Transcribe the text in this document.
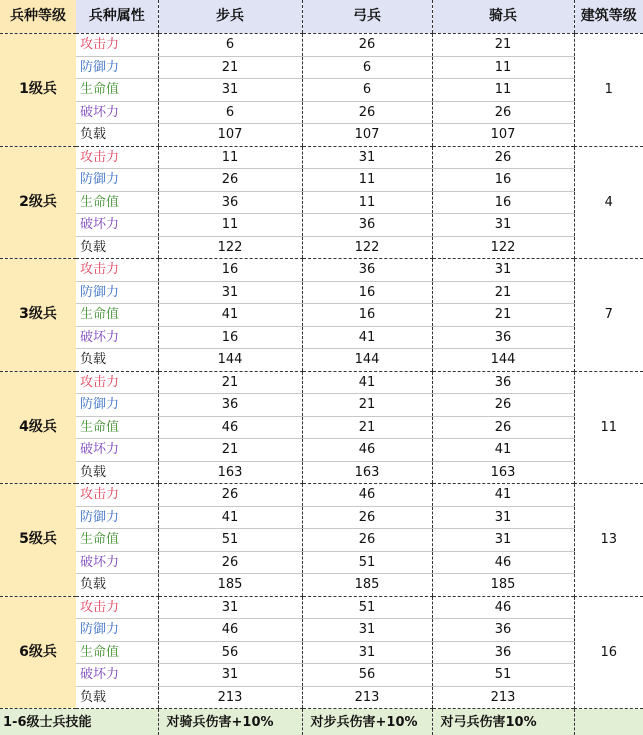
兵种等级	兵种属性	步兵	弓兵	骑兵	建筑等级
1级兵	攻击力	6	26	21	1
	防御力	21	6	11	
	生命值	31	6	11	
	破坏力	6	26	26	
	负载	107	107	107	
2级兵	攻击力	11	31	26	4
	防御力	26	11	16	
	生命值	36	11	16	
	破坏力	11	36	31	
	负载	122	122	122	
3级兵	攻击力	16	36	31	7
	防御力	31	16	21	
	生命值	41	16	21	
	破坏力	16	41	36	
	负载	144	144	144	
4级兵	攻击力	21	41	36	11
	防御力	36	21	26	
	生命值	46	21	26	
	破坏力	21	46	41	
	负载	163	163	163	
5级兵	攻击力	26	46	41	13
	防御力	41	26	31	
	生命值	51	26	31	
	破坏力	26	51	46	
	负载	185	185	185	
6级兵	攻击力	31	51	46	16
	防御力	46	31	36	
	生命值	56	31	36	
	破坏力	31	56	51	
	负载	213	213	213	
1-6级士兵技能		对骑兵伤害+10%	对步兵伤害+10%	对弓兵伤害10%	
